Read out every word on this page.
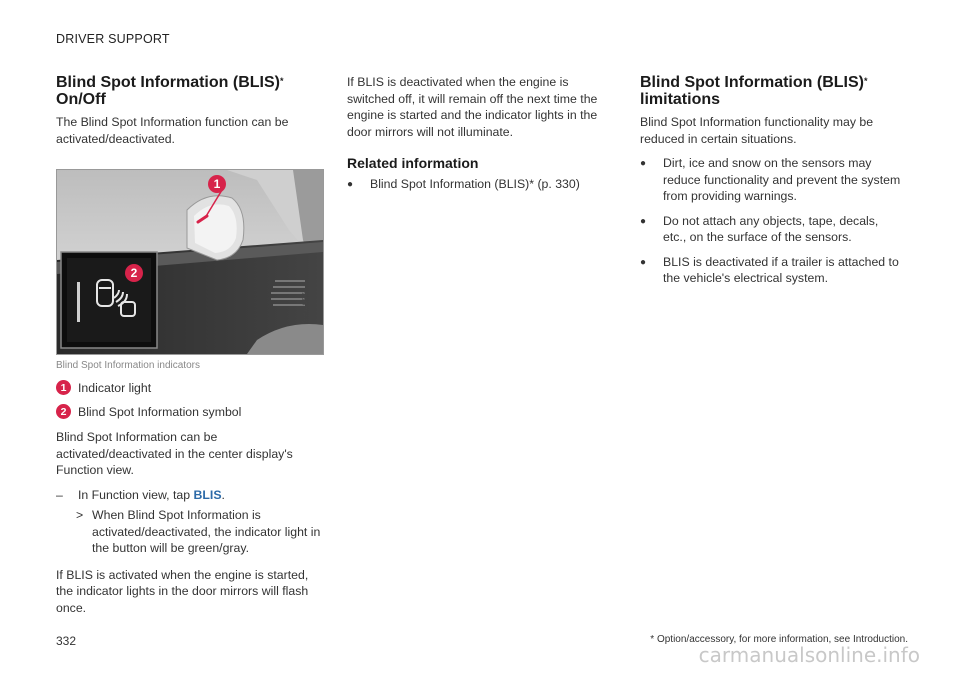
DRIVER SUPPORT
Blind Spot Information (BLIS)*
On/Off

The Blind Spot Information function can be activated/deactivated.

1
2
G062086
Blind Spot Information indicators
1 Indicator light
2 Blind Spot Information symbol

Blind Spot Information can be activated/deactivated in the center display's Function view.

–	In Function view, tap BLIS.
> When Blind Spot Information is activated/deactivated, the indicator light in the button will be green/gray.

If BLIS is activated when the engine is started, the indicator lights in the door mirrors will flash once.

If BLIS is deactivated when the engine is switched off, it will remain off the next time the engine is started and the indicator lights in the door mirrors will not illuminate.

Related information
●	Blind Spot Information (BLIS)* (p. 330)
Blind Spot Information (BLIS)*
limitations

Blind Spot Information functionality may be reduced in certain situations.

●	Dirt, ice and snow on the sensors may reduce functionality and prevent the system from providing warnings.
●	Do not attach any objects, tape, decals, etc., on the surface of the sensors.
●	BLIS is deactivated if a trailer is attached to the vehicle's electrical system.
332	* Option/accessory, for more information, see Introduction.
carmanualsonline.info
